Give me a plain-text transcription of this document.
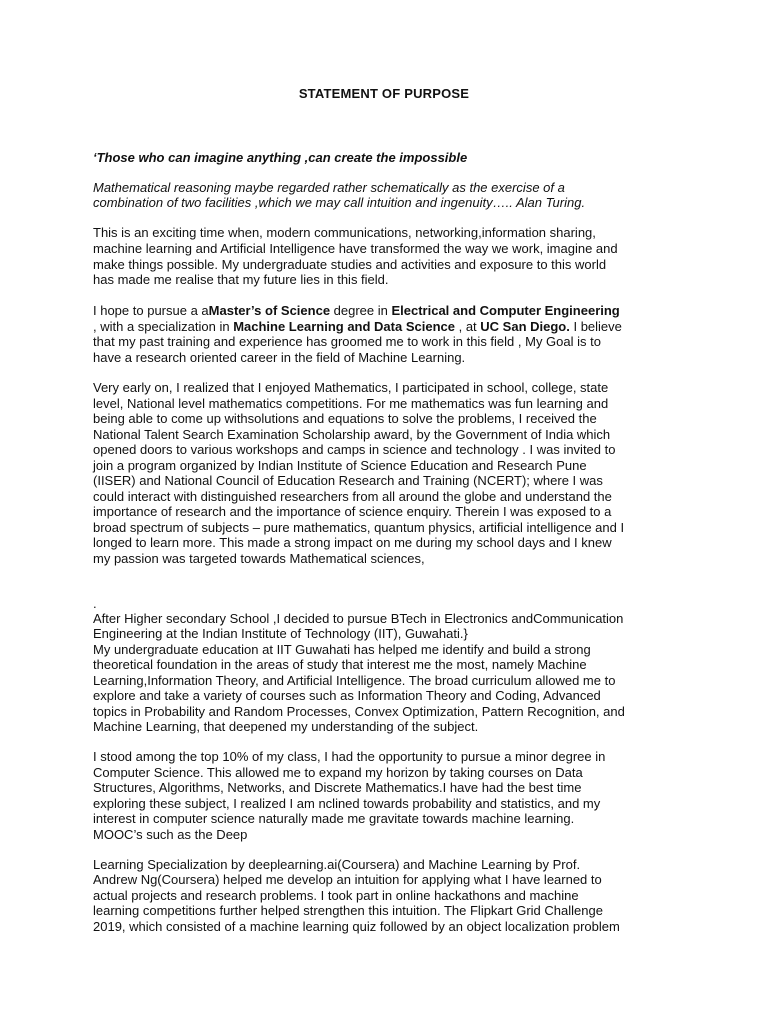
STATEMENT OF PURPOSE
‘Those who can imagine anything ,can create the impossible
Mathematical reasoning maybe regarded rather schematically as the exercise of a
combination of two facilities ,which we may call intuition and ingenuity….. Alan Turing.
This is an exciting time when, modern communications, networking,information sharing,
machine learning and Artificial Intelligence have transformed the way we work, imagine and
make things possible. My undergraduate studies and activities and exposure to this world
has made me realise that my future lies in this field.
I hope to pursue a aMaster’s of Science degree in Electrical and Computer Engineering
, with a specialization in Machine Learning and Data Science , at UC San Diego. I believe
that my past training and experience has groomed me to work in this field , My Goal is to
have a research oriented career in the field of Machine Learning.
Very early on, I realized that I enjoyed Mathematics, I participated in school, college, state
level, National level mathematics competitions. For me mathematics was fun learning and
being able to come up withsolutions and equations to solve the problems, I received the
National Talent Search Examination Scholarship award, by the Government of India which
opened doors to various workshops and camps in science and technology . I was invited to
join a program organized by Indian Institute of Science Education and Research Pune
(IISER) and National Council of Education Research and Training (NCERT); where I was
could interact with distinguished researchers from all around the globe and understand the
importance of research and the importance of science enquiry. Therein I was exposed to a
broad spectrum of subjects – pure mathematics, quantum physics, artificial intelligence and I
longed to learn more. This made a strong impact on me during my school days and I knew
my passion was targeted towards Mathematical sciences,
.
After Higher secondary School ,I decided to pursue BTech in Electronics andCommunication
Engineering at the Indian Institute of Technology (IIT), Guwahati.}
My undergraduate education at IIT Guwahati has helped me identify and build a strong
theoretical foundation in the areas of study that interest me the most, namely Machine
Learning,Information Theory, and Artificial Intelligence. The broad curriculum allowed me to
explore and take a variety of courses such as Information Theory and Coding, Advanced
topics in Probability and Random Processes, Convex Optimization, Pattern Recognition, and
Machine Learning, that deepened my understanding of the subject.
I stood among the top 10% of my class, I had the opportunity to pursue a minor degree in
Computer Science. This allowed me to expand my horizon by taking courses on Data
Structures, Algorithms, Networks, and Discrete Mathematics.I have had the best time
exploring these subject, I realized I am nclined towards probability and statistics, and my
interest in computer science naturally made me gravitate towards machine learning.
MOOC’s such as the Deep
Learning Specialization by deeplearning.ai(Coursera) and Machine Learning by Prof.
Andrew Ng(Coursera) helped me develop an intuition for applying what I have learned to
actual projects and research problems. I took part in online hackathons and machine
learning competitions further helped strengthen this intuition. The Flipkart Grid Challenge
2019, which consisted of a machine learning quiz followed by an object localization problem
